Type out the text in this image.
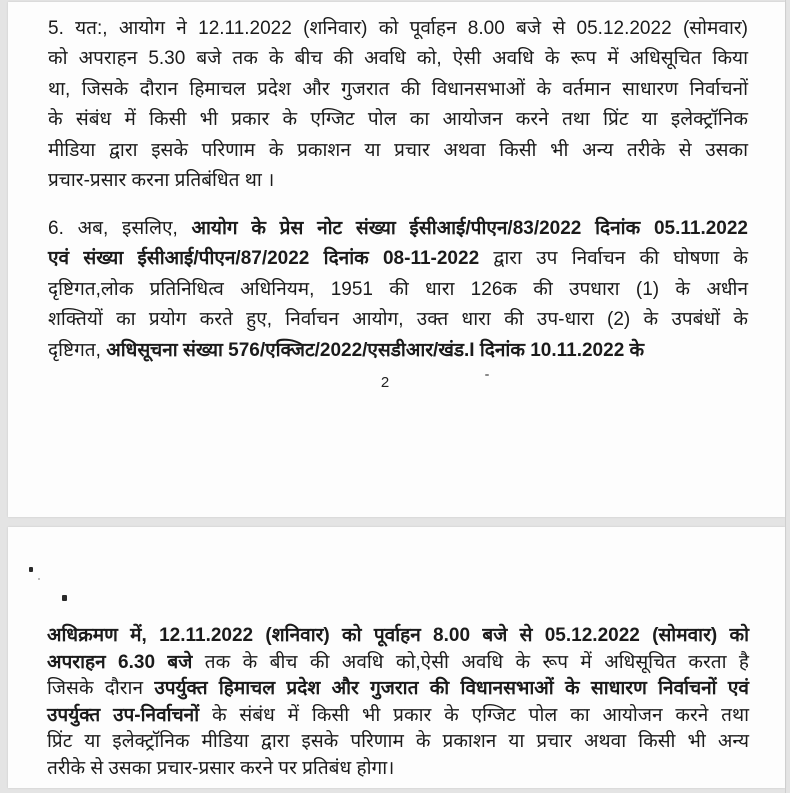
5. यत:, आयोग ने 12.11.2022 (शनिवार) को पूर्वाहन 8.00 बजे से 05.12.2022 (सोमवार)
को अपराहन 5.30 बजे तक के बीच की अवधि को, ऐसी अवधि के रूप में अधिसूचित किया
था, जिसके दौरान हिमाचल प्रदेश और गुजरात की विधानसभाओं के वर्तमान साधारण निर्वाचनों
के संबंध में किसी भी प्रकार के एग्जिट पोल का आयोजन करने तथा प्रिंट या इलेक्ट्रॉनिक
मीडिया द्वारा इसके परिणाम के प्रकाशन या प्रचार अथवा किसी भी अन्य तरीके से उसका
प्रचार-प्रसार करना प्रतिबंधित था ।
6. अब, इसलिए, आयोग के प्रेस नोट संख्या ईसीआई/पीएन/83/2022 दिनांक 05.11.2022
एवं संख्या ईसीआई/पीएन/87/2022 दिनांक 08-11-2022 द्वारा उप निर्वाचन की घोषणा के
दृष्टिगत,लोक प्रतिनिधित्व अधिनियम, 1951 की धारा 126क की उपधारा (1) के अधीन
शक्तियों का प्रयोग करते हुए, निर्वाचन आयोग, उक्त धारा की उप-धारा (2) के उपबंधों के
दृष्टिगत, अधिसूचना संख्या 576/एक्जिट/2022/एसडीआर/खंड.I दिनांक 10.11.2022 के
2
अधिक्रमण में, 12.11.2022 (शनिवार) को पूर्वाहन 8.00 बजे से 05.12.2022 (सोमवार) को
अपराहन 6.30 बजे तक के बीच की अवधि को,ऐसी अवधि के रूप में अधिसूचित करता है
जिसके दौरान उपर्युक्त हिमाचल प्रदेश और गुजरात की विधानसभाओं के साधारण निर्वाचनों एवं
उपर्युक्त उप-निर्वाचनों के संबंध में किसी भी प्रकार के एग्जिट पोल का आयोजन करने तथा
प्रिंट या इलेक्ट्रॉनिक मीडिया द्वारा इसके परिणाम के प्रकाशन या प्रचार अथवा किसी भी अन्य
तरीके से उसका प्रचार-प्रसार करने पर प्रतिबंध होगा।
